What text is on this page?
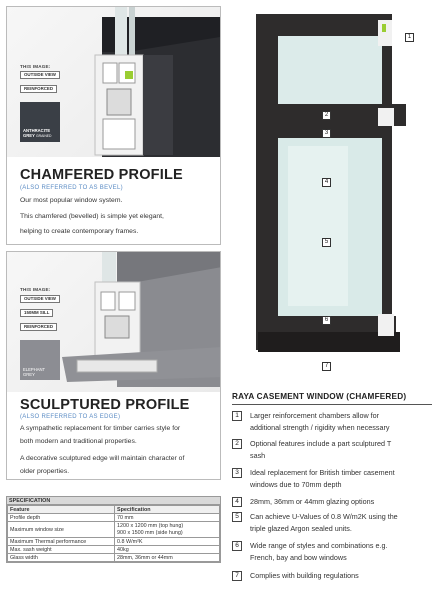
THIS IMAGE:
OUTSIDE VIEW
REINFORCED
ANTHRACITE GREY GRAINED
CHAMFERED PROFILE
(ALSO REFERRED TO AS BEVEL)
Our most popular window system.
This chamfered (bevelled) is simple yet elegant,
helping to create contemporary frames.
THIS IMAGE:
OUTSIDE VIEW
150MM SILL
REINFORCED
ELEPHANT GREY
SCULPTURED PROFILE
(ALSO REFERRED TO AS EDGE)
A sympathetic replacement for timber carries style for
both modern and traditional properties.
A decorative sculptured edge will maintain character of
older properties.
SPECIFICATION
Feature	Specification
Profile depth	70 mm
Maximum window size	1200 x 1200 mm (top hung)
900 x 1500 mm (side hung)

Maximum Thermal performance	0.8 W/m²K
Max. sash weight	40kg
Glass width	28mm, 36mm or 44mm
1
2
3
4
5
6
7
RAYA CASEMENT WINDOW (CHAMFERED)
1	Larger reinforcement chambers allow for
additional strength / rigidity when necessary
2	Optional features include a part sculptured T
sash
3	Ideal replacement for British timber casement
windows due to 70mm depth
4	28mm, 36mm or 44mm glazing options
5	Can achieve U-Values of 0.8 W/m2K using the
triple glazed Argon sealed units.
6	Wide range of styles and combinations e.g.
French, bay and bow windows
7	Complies with building regulations
